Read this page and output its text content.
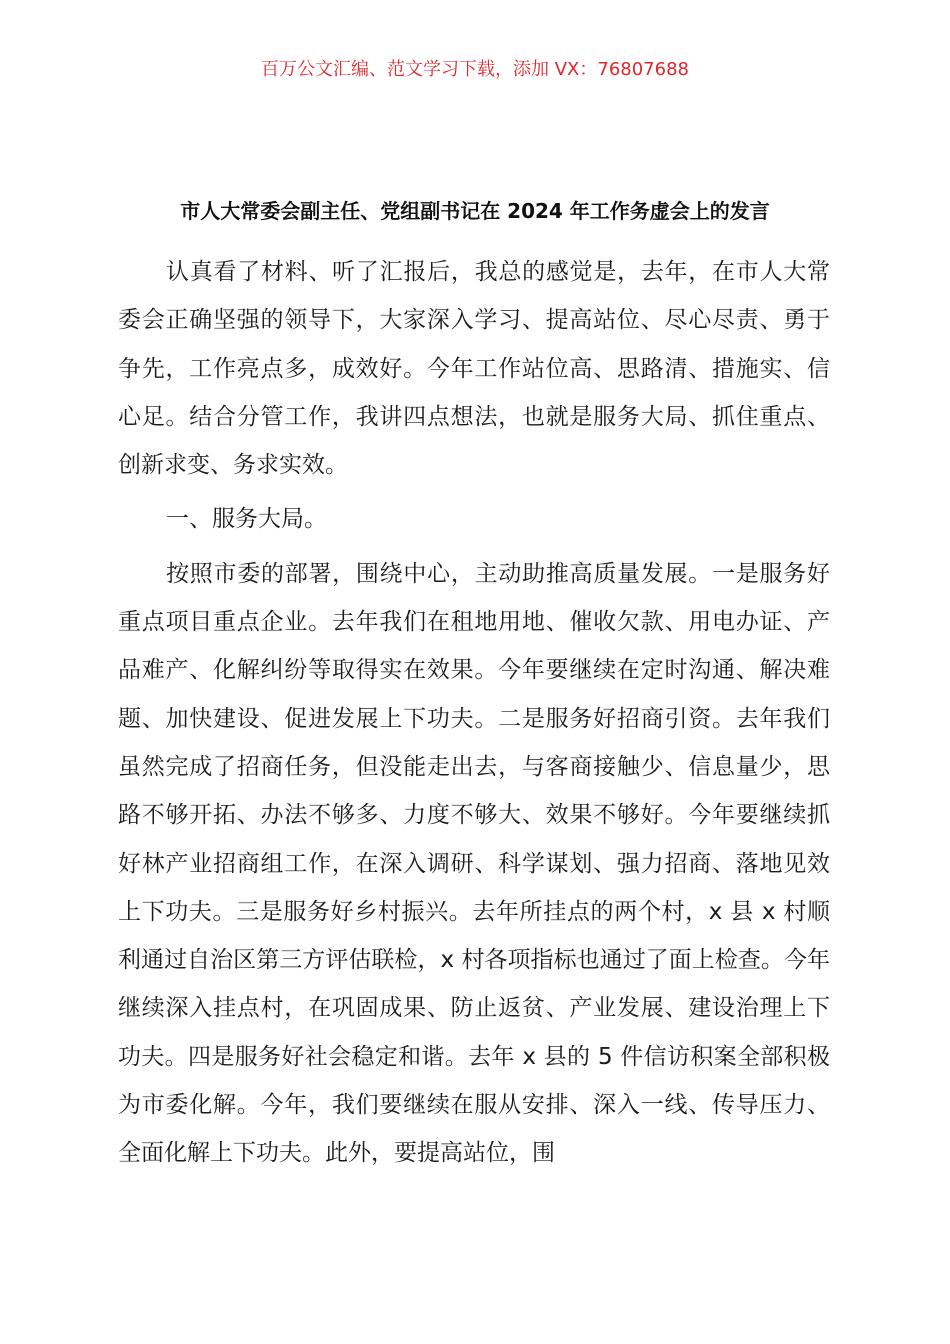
百万公文汇编、范文学习下载，添加 VX：76807688
市人大常委会副主任、党组副书记在 2024 年工作务虚会上的发言

认真看了材料、听了汇报后，我总的感觉是，去年，在市人大常委会正确坚强的领导下，大家深入学习、提高站位、尽心尽责、勇于争先，工作亮点多，成效好。今年工作站位高、思路清、措施实、信心足。结合分管工作，我讲四点想法，也就是服务大局、抓住重点、创新求变、务求实效。

一、服务大局。

按照市委的部署，围绕中心，主动助推高质量发展。一是服务好重点项目重点企业。去年我们在租地用地、催收欠款、用电办证、产品难产、化解纠纷等取得实在效果。今年要继续在定时沟通、解决难题、加快建设、促进发展上下功夫。二是服务好招商引资。去年我们虽然完成了招商任务，但没能走出去，与客商接触少、信息量少，思路不够开拓、办法不够多、力度不够大、效果不够好。今年要继续抓好林产业招商组工作，在深入调研、科学谋划、强力招商、落地见效上下功夫。三是服务好乡村振兴。去年所挂点的两个村，x 县 x 村顺利通过自治区第三方评估联检，x 村各项指标也通过了面上检查。今年继续深入挂点村，在巩固成果、防止返贫、产业发展、建设治理上下功夫。四是服务好社会稳定和谐。去年 x 县的 5 件信访积案全部积极为市委化解。今年，我们要继续在服从安排、深入一线、传导压力、全面化解上下功夫。此外，要提高站位，围
